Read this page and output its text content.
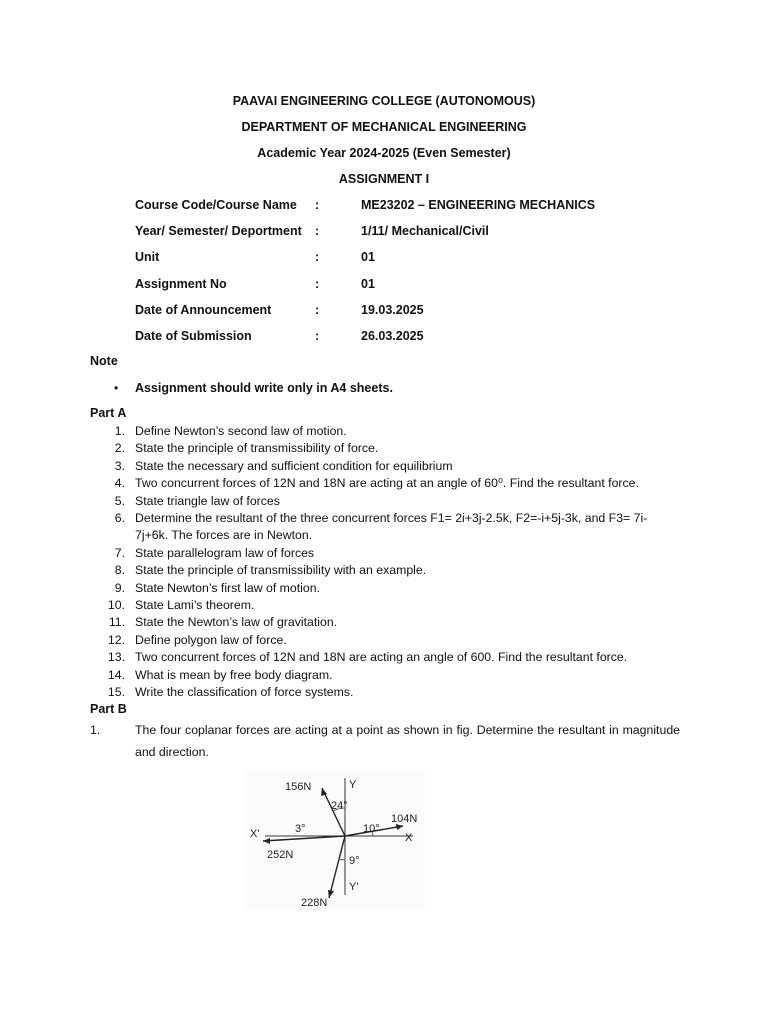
PAAVAI ENGINEERING COLLEGE (AUTONOMOUS)
DEPARTMENT OF MECHANICAL ENGINEERING
Academic Year 2024-2025 (Even Semester)
ASSIGNMENT I
Course Code/Course Name :	ME23202 – ENGINEERING MECHANICS
Year/ Semester/ Deportment :	1/11/ Mechanical/Civil
Unit	:	01
Assignment No	:	01
Date of Announcement	:	19.03.2025
Date of Submission	:	26.03.2025
Note
• Assignment should write only in A4 sheets.
Part A
1. Define Newton’s second law of motion.
2. State the principle of transmissibility of force.
3. State the necessary and sufficient condition for equilibrium
4. Two concurrent forces of 12N and 18N are acting at an angle of 60⁰. Find the resultant force.
5. State triangle law of forces
6. Determine the resultant of the three concurrent forces F1= 2i+3j-2.5k, F2=-i+5j-3k, and F3= 7i-7j+6k. The forces are in Newton.
7. State parallelogram law of forces
8. State the principle of transmissibility with an example.
9. State Newton’s first law of motion.
10. State Lami’s theorem.
11. State the Newton’s law of gravitation.
12. Define polygon law of force.
13. Two concurrent forces of 12N and 18N are acting an angle of 600. Find the resultant force.
14. What is mean by free body diagram.
15. Write the classification of force systems.
Part B
1.	The four coplanar forces are acting at a point as shown in fig. Determine the resultant in magnitude and direction.
156N	Y
24°
104N
10°
X
X'	3°
252N	9°
Y'
228N
